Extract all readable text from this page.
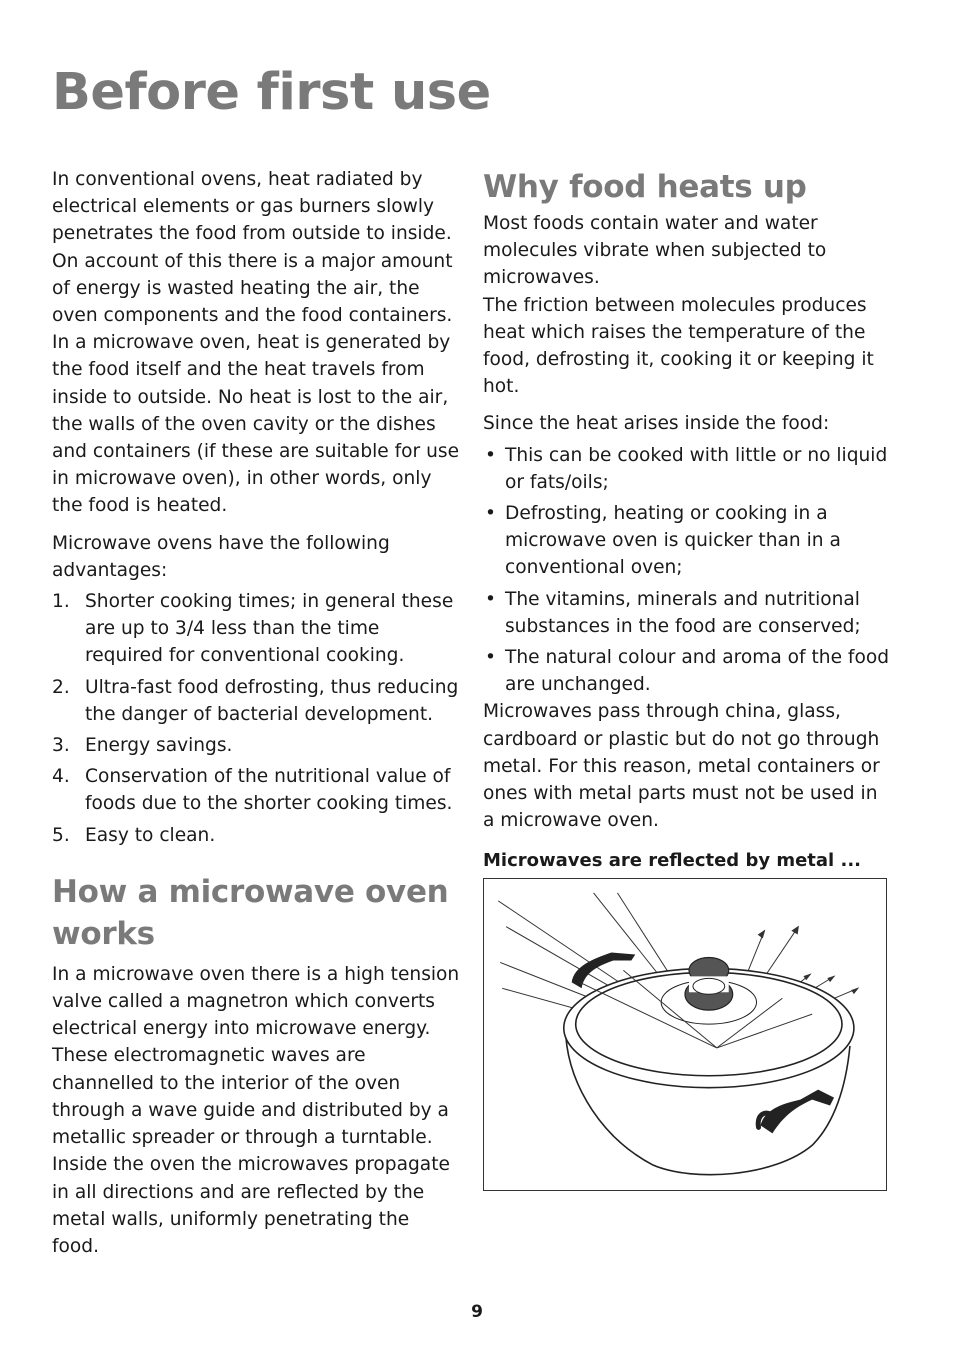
Before first use

In conventional ovens, heat radiated by electrical elements or gas burners slowly penetrates the food from outside to inside. On account of this there is a major amount of energy is wasted heating the air, the oven components and the food containers.

In a microwave oven, heat is generated by the food itself and the heat travels from inside to outside. No heat is lost to the air, the walls of the oven cavity or the dishes and containers (if these are suitable for use in microwave oven), in other words, only the food is heated.

Microwave ovens have the following advantages:

1. Shorter cooking times; in general these are up to 3/4 less than the time required for conventional cooking.
2. Ultra-fast food defrosting, thus reducing the danger of bacterial development.
3. Energy savings.
4. Conservation of the nutritional value of foods due to the shorter cooking times.
5. Easy to clean.
How a microwave oven works

In a microwave oven there is a high tension valve called a magnetron which converts electrical energy into microwave energy. These electromagnetic waves are channelled to the interior of the oven through a wave guide and distributed by a metallic spreader or through a turntable.

Inside the oven the microwaves propagate in all directions and are reflected by the metal walls, uniformly penetrating the food.

Why food heats up

Most foods contain water and water molecules vibrate when subjected to microwaves.

The friction between molecules produces heat which raises the temperature of the food, defrosting it, cooking it or keeping it hot.

Since the heat arises inside the food:

• This can be cooked with little or no liquid or fats/oils;
• Defrosting, heating or cooking in a microwave oven is quicker than in a conventional oven;
• The vitamins, minerals and nutritional substances in the food are conserved;
• The natural colour and aroma of the food are unchanged.

Microwaves pass through china, glass, cardboard or plastic but do not go through metal. For this reason, metal containers or ones with metal parts must not be used in a microwave oven.

Microwaves are reflected by metal ...

9
